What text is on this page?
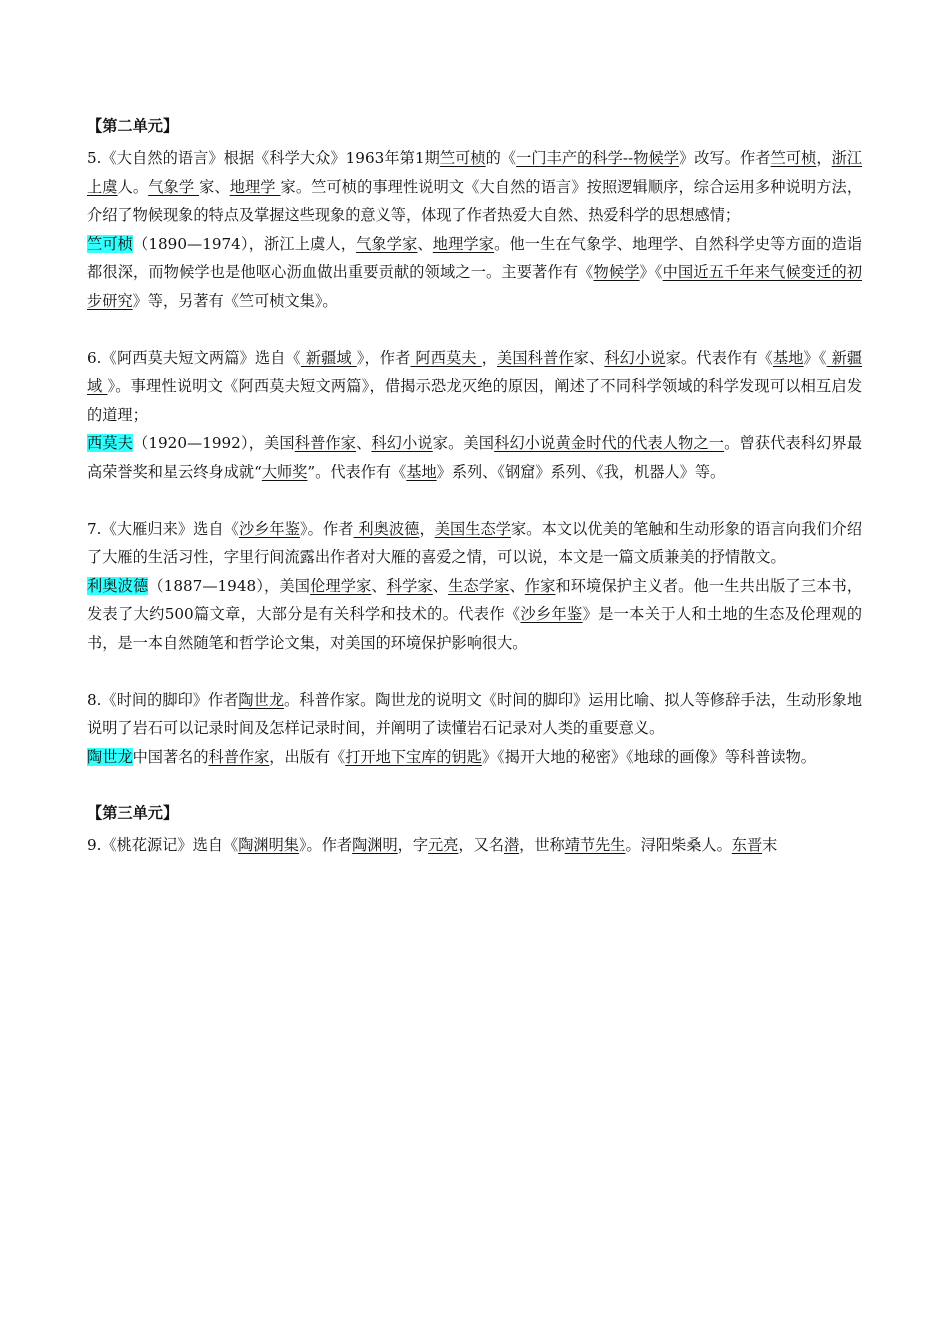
【第二单元】

5.《大自然的语言》根据《科学大众》1963年第1期竺可桢的《一门丰产的科学--物候学》改写。作者竺可桢，浙江上虞人。气象学 家、地理学 家。竺可桢的事理性说明文《大自然的语言》按照逻辑顺序，综合运用多种说明方法，介绍了物候现象的特点及掌握这些现象的意义等，体现了作者热爱大自然、热爱科学的思想感情；

竺可桢（1890—1974），浙江上虞人，气象学家、地理学家。他一生在气象学、地理学、自然科学史等方面的造诣都很深，而物候学也是他呕心沥血做出重要贡献的领域之一。主要著作有《物候学》《中国近五千年来气候变迁的初步研究》等，另著有《竺可桢文集》。

6.《阿西莫夫短文两篇》选自《 新疆域 》，作者 阿西莫夫 ，美国科普作家、科幻小说家。代表作有《基地》《 新疆域 》。事理性说明文《阿西莫夫短文两篇》，借揭示恐龙灭绝的原因，阐述了不同科学领域的科学发现可以相互启发的道理；

西莫夫（1920—1992），美国科普作家、科幻小说家。美国科幻小说黄金时代的代表人物之一。曾获代表科幻界最高荣誉奖和星云终身成就“大师奖”。代表作有《基地》系列、《钢窟》系列、《我，机器人》等。

7.《大雁归来》选自《沙乡年鉴》。作者 利奥波德，美国生态学家。本文以优美的笔触和生动形象的语言向我们介绍了大雁的生活习性，字里行间流露出作者对大雁的喜爱之情，可以说，本文是一篇文质兼美的抒情散文。

利奥波德（1887—1948），美国伦理学家、科学家、生态学家、作家和环境保护主义者。他一生共出版了三本书，发表了大约500篇文章，大部分是有关科学和技术的。代表作《沙乡年鉴》是一本关于人和土地的生态及伦理观的书，是一本自然随笔和哲学论文集，对美国的环境保护影响很大。

8.《时间的脚印》作者陶世龙。科普作家。陶世龙的说明文《时间的脚印》运用比喻、拟人等修辞手法，生动形象地说明了岩石可以记录时间及怎样记录时间，并阐明了读懂岩石记录对人类的重要意义。

陶世龙中国著名的科普作家，出版有《打开地下宝库的钥匙》《揭开大地的秘密》《地球的画像》等科普读物。

【第三单元】

9.《桃花源记》选自《陶渊明集》。作者陶渊明，字元亮，又名潜，世称靖节先生。浔阳柴桑人。东晋末
